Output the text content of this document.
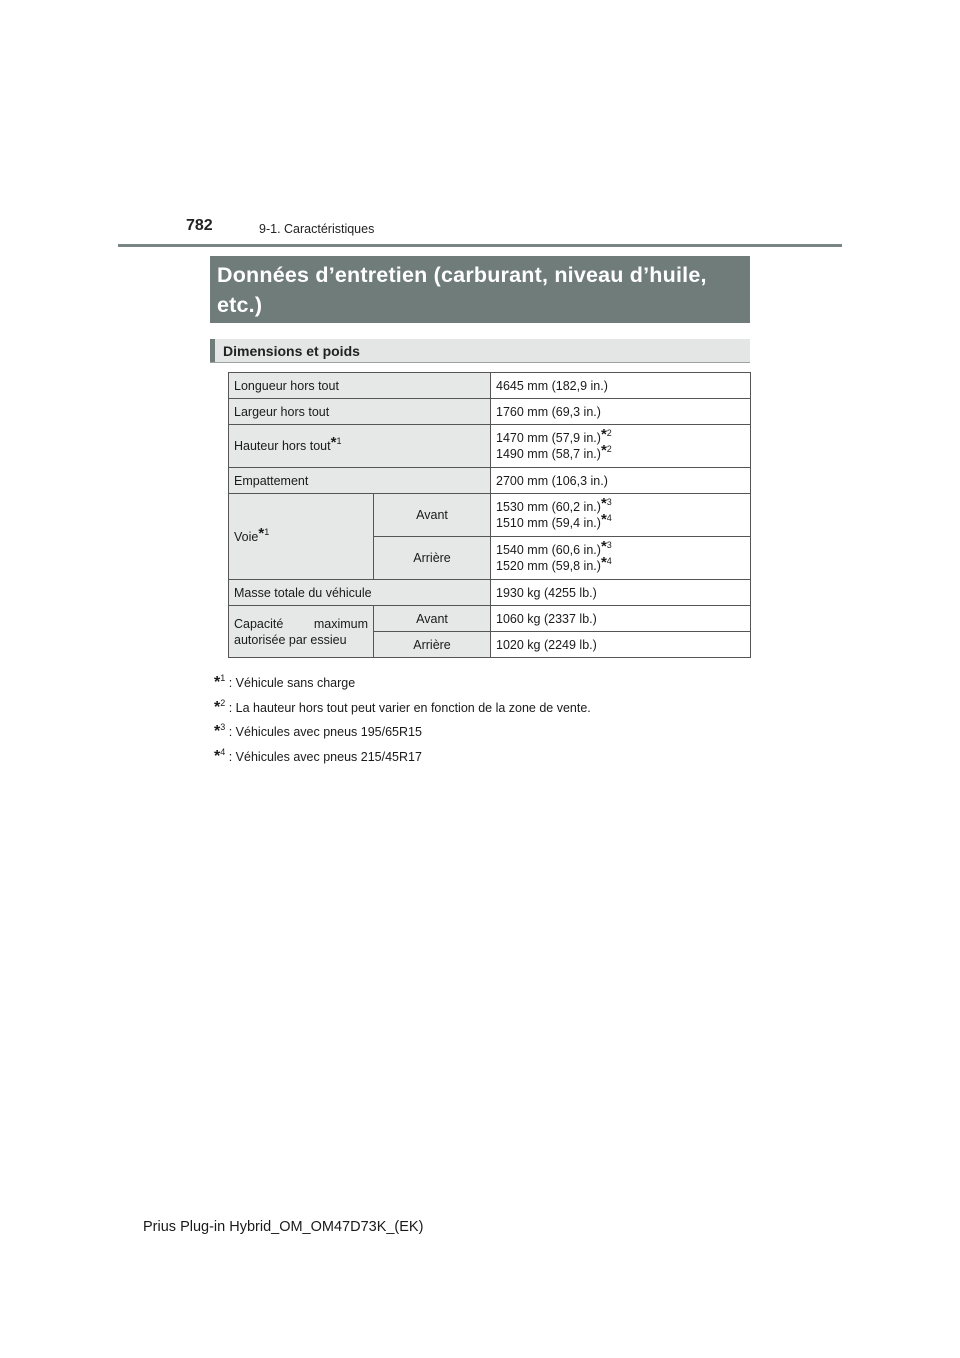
782	9-1. Caractéristiques
Données d’entretien (carburant, niveau d’huile, etc.)
Dimensions et poids
Longueur hors tout		4645 mm (182,9 in.)
Largeur hors tout		1760 mm (69,3 in.)
Hauteur hors tout*$^1$		1470 mm (57,9 in.)*$^2$
1490 mm (58,7 in.)*$^2$

Empattement		2700 mm (106,3 in.)
Voie*$^1$	Avant	1530 mm (60,2 in.)*$^3$
1510 mm (59,4 in.)*$^4$

	Arrière	1540 mm (60,6 in.)*$^3$
1520 mm (59,8 in.)*$^4$

Masse totale du véhicule		1930 kg (4255 lb.)
Capacité maximum autorisée par essieu	Avant	1060 kg (2337 lb.)
	Arrière	1020 kg (2249 lb.)
*$^1$ : Véhicule sans charge
*$^2$ : La hauteur hors tout peut varier en fonction de la zone de vente.
*$^3$ : Véhicules avec pneus 195/65R15
*$^4$ : Véhicules avec pneus 215/45R17
Prius Plug-in Hybrid_OM_OM47D73K_(EK)
